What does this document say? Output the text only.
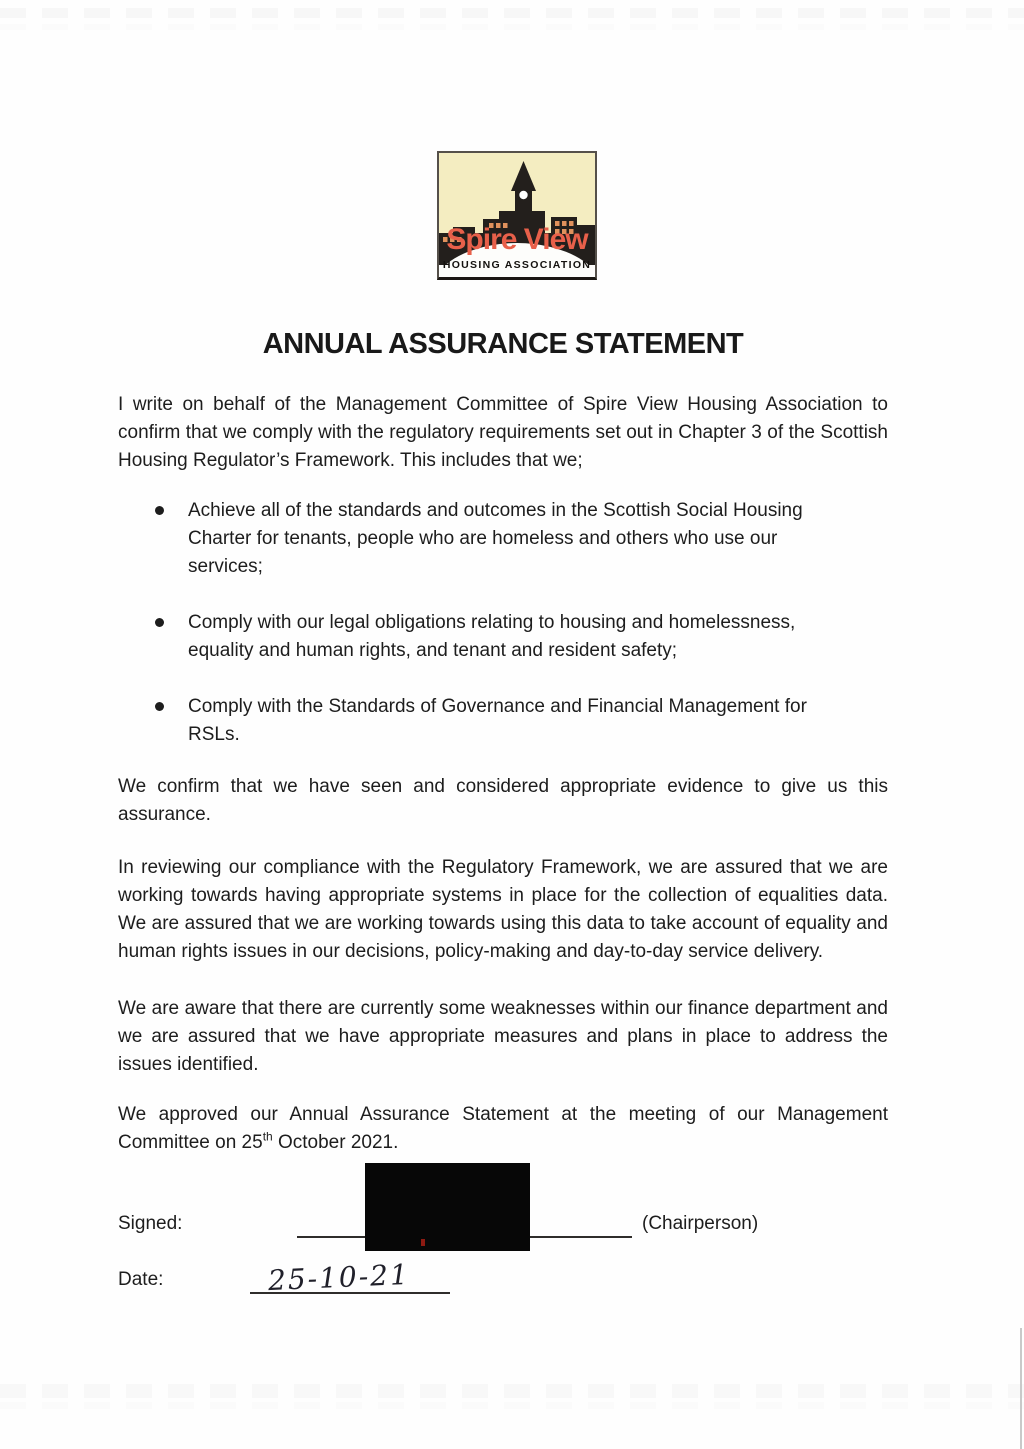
Spire View
HOUSING ASSOCIATION
ANNUAL ASSURANCE STATEMENT

I write on behalf of the Management Committee of Spire View Housing Association to confirm that we comply with the regulatory requirements set out in Chapter 3 of the Scottish Housing Regulator’s Framework. This includes that we;

Achieve all of the standards and outcomes in the Scottish Social Housing Charter for tenants, people who are homeless and others who use our services;
Comply with our legal obligations relating to housing and homelessness, equality and human rights, and tenant and resident safety;
Comply with the Standards of Governance and Financial Management for RSLs.

We confirm that we have seen and considered appropriate evidence to give us this assurance.

In reviewing our compliance with the Regulatory Framework, we are assured that we are working towards having appropriate systems in place for the collection of equalities data. We are assured that we are working towards using this data to take account of equality and human rights issues in our decisions, policy-making and day-to-day service delivery.

We are aware that there are currently some weaknesses within our finance department and we are assured that we have appropriate measures and plans in place to address the issues identified.

We approved our Annual Assurance Statement at the meeting of our Management Committee on 25th October 2021.

Signed:	(Chairperson)
Date:	25-10-21
